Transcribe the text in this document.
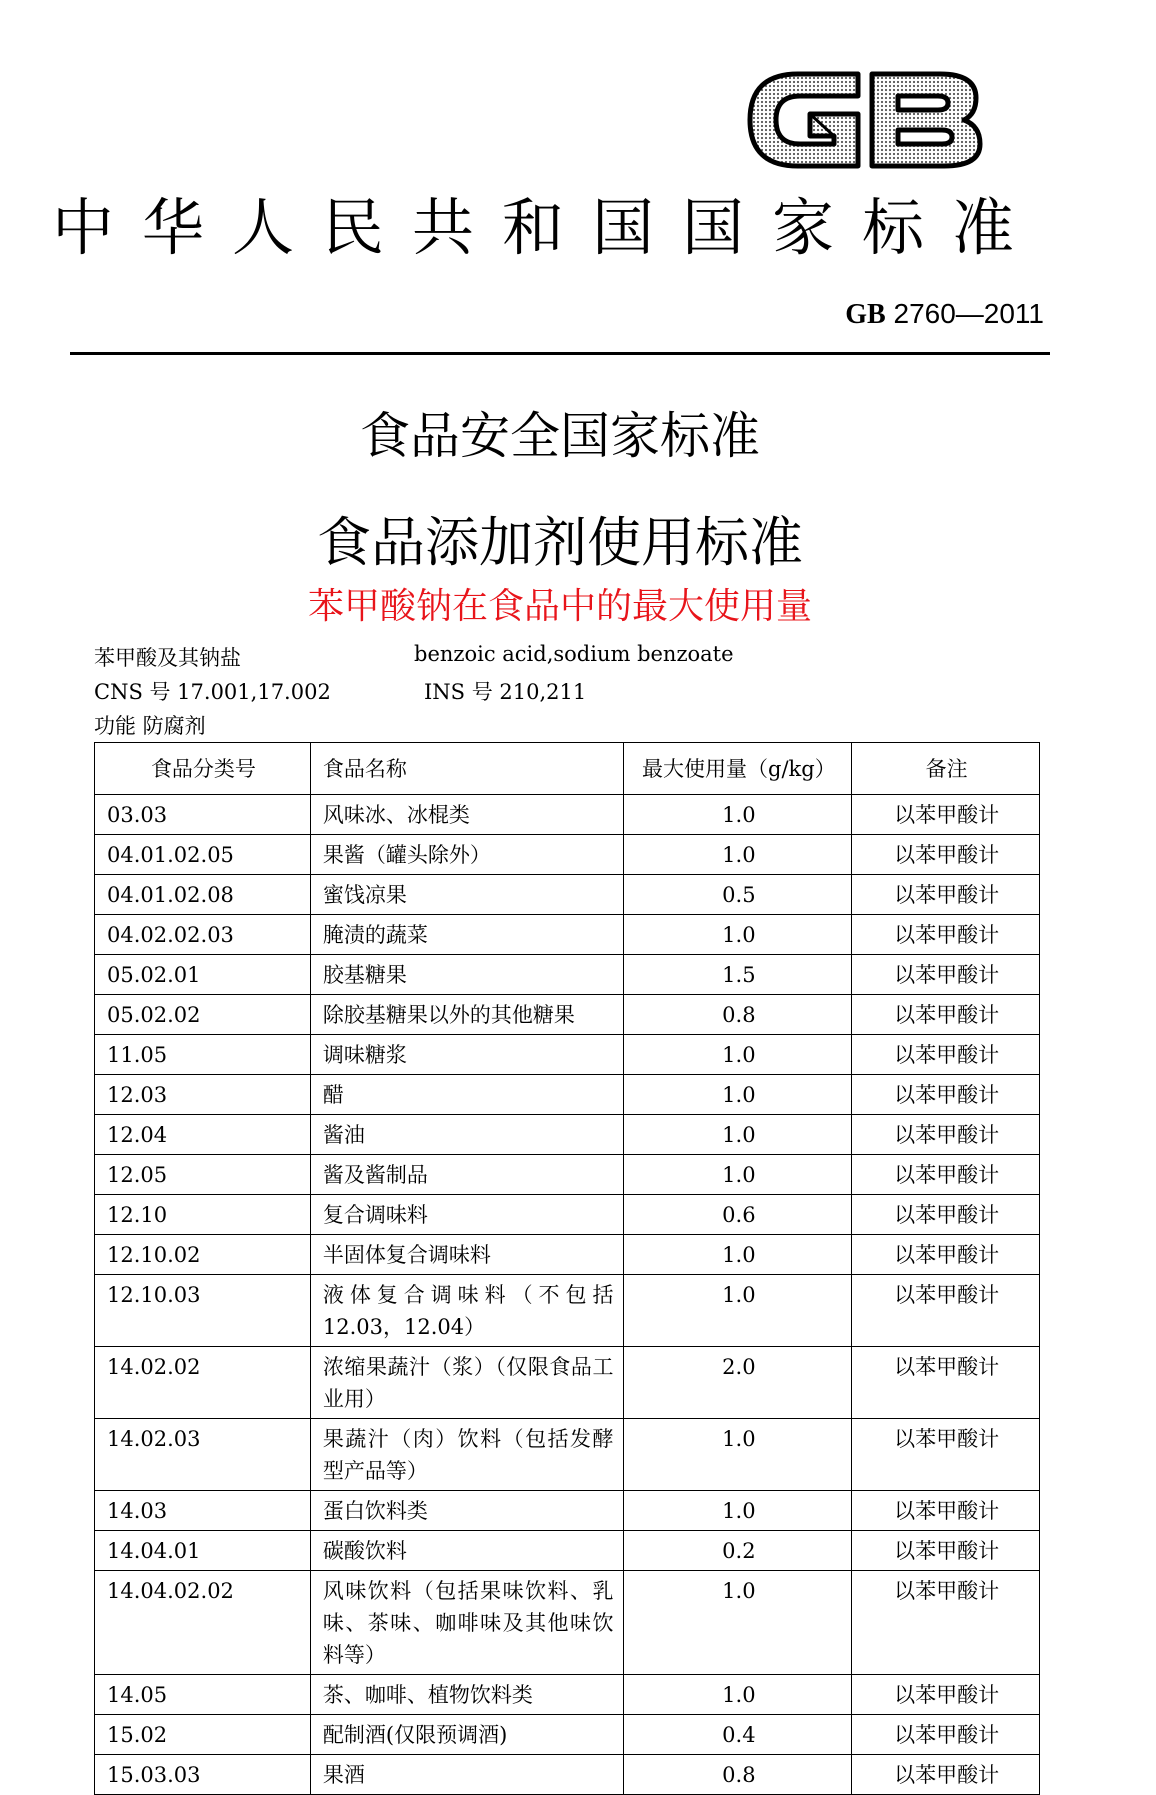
GB
中华人民共和国国家标准
GB 2760—2011
食品安全国家标准
食品添加剂使用标准
苯甲酸钠在食品中的最大使用量
苯甲酸及其钠盐	benzoic acid,sodium benzoate
CNS 号 17.001,17.002	INS 号 210,211
功能 防腐剂
食品分类号	食品名称	最大使用量（g/kg）	备注
03.03	风味冰、冰棍类	1.0	以苯甲酸计
04.01.02.05	果酱（罐头除外）	1.0	以苯甲酸计
04.01.02.08	蜜饯凉果	0.5	以苯甲酸计
04.02.02.03	腌渍的蔬菜	1.0	以苯甲酸计
05.02.01	胶基糖果	1.5	以苯甲酸计
05.02.02	除胶基糖果以外的其他糖果	0.8	以苯甲酸计
11.05	调味糖浆	1.0	以苯甲酸计
12.03	醋	1.0	以苯甲酸计
12.04	酱油	1.0	以苯甲酸计
12.05	酱及酱制品	1.0	以苯甲酸计
12.10	复合调味料	0.6	以苯甲酸计
12.10.02	半固体复合调味料	1.0	以苯甲酸计
12.10.03	液体复合调味料（不包括12.03，12.04）	1.0	以苯甲酸计
14.02.02	浓缩果蔬汁（浆）（仅限食品工业用）	2.0	以苯甲酸计
14.02.03	果蔬汁（肉）饮料（包括发酵型产品等）	1.0	以苯甲酸计
14.03	蛋白饮料类	1.0	以苯甲酸计
14.04.01	碳酸饮料	0.2	以苯甲酸计
14.04.02.02	风味饮料（包括果味饮料、乳味、茶味、咖啡味及其他味饮料等）	1.0	以苯甲酸计
14.05	茶、咖啡、植物饮料类	1.0	以苯甲酸计
15.02	配制酒(仅限预调酒)	0.4	以苯甲酸计
15.03.03	果酒	0.8	以苯甲酸计
